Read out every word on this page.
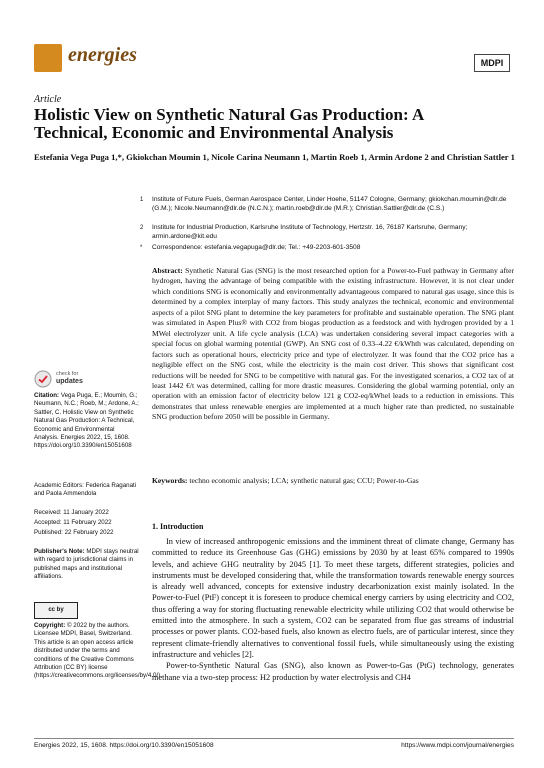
energies	MDPI
Article
Holistic View on Synthetic Natural Gas Production: A Technical, Economic and Environmental Analysis
Estefania Vega Puga 1,*, Gkiokchan Moumin 1, Nicole Carina Neumann 1, Martin Roeb 1, Armin Ardone 2 and Christian Sattler 1
1 Institute of Future Fuels, German Aerospace Center, Linder Hoehe, 51147 Cologne, Germany; gkiokchan.moumin@dlr.de (G.M.); Nicole.Neumann@dlr.de (N.C.N.); martin.roeb@dlr.de (M.R.); Christian.Sattler@dlr.de (C.S.)
2 Institute for Industrial Production, Karlsruhe Institute of Technology, Hertzstr. 16, 76187 Karlsruhe, Germany; armin.ardone@kit.edu
* Correspondence: estefania.vegapuga@dlr.de; Tel.: +49-2203-601-3508
Abstract: Synthetic Natural Gas (SNG) is the most researched option for a Power-to-Fuel pathway in Germany after hydrogen, having the advantage of being compatible with the existing infrastructure. However, it is not clear under which conditions SNG is economically and environmentally advantageous compared to natural gas usage, since this is determined by a complex interplay of many factors. This study analyzes the technical, economic and environmental aspects of a pilot SNG plant to determine the key parameters for profitable and sustainable operation. The SNG plant was simulated in Aspen Plus® with CO2 from biogas production as a feedstock and with hydrogen provided by a 1 MWel electrolyzer unit. A life cycle analysis (LCA) was undertaken considering several impact categories with a special focus on global warming potential (GWP). An SNG cost of 0.33–4.22 €/kWhth was calculated, depending on factors such as operational hours, electricity price and type of electrolyzer. It was found that the CO2 price has a negligible effect on the SNG cost, while the electricity is the main cost driver. This shows that significant cost reductions will be needed for SNG to be competitive with natural gas. For the investigated scenarios, a CO2 tax of at least 1442 €/t was determined, calling for more drastic measures. Considering the global warming potential, only an operation with an emission factor of electricity below 121 g CO2-eq/kWhel leads to a reduction in emissions. This demonstrates that unless renewable energies are implemented at a much higher rate than predicted, no sustainable SNG production before 2050 will be possible in Germany.
Keywords: techno economic analysis; LCA; synthetic natural gas; CCU; Power-to-Gas
check for
updates
Citation: Vega Puga, E.; Moumin, G.; Neumann, N.C.; Roeb, M.; Ardone, A.; Sattler, C. Holistic View on Synthetic Natural Gas Production: A Technical, Economic and Environmental Analysis. Energies 2022, 15, 1608. https://doi.org/10.3390/en15051608
Academic Editors: Federica Raganati and Paola Ammendola
Received: 11 January 2022
Accepted: 11 February 2022
Published: 22 February 2022
Publisher's Note: MDPI stays neutral with regard to jurisdictional claims in published maps and institutional affiliations.
cc by
Copyright: © 2022 by the authors. Licensee MDPI, Basel, Switzerland. This article is an open access article distributed under the terms and conditions of the Creative Commons Attribution (CC BY) license (https://creativecommons.org/licenses/by/4.0/).
1. Introduction

In view of increased anthropogenic emissions and the imminent threat of climate change, Germany has committed to reduce its Greenhouse Gas (GHG) emissions by 2030 by at least 65% compared to 1990s levels, and achieve GHG neutrality by 2045 [1]. To meet these targets, different strategies, policies and instruments must be developed considering that, while the transformation towards renewable energy sources is already well advanced, concepts for extensive industry decarbonization exist mainly isolated. In the Power-to-Fuel (PtF) concept it is foreseen to produce chemical energy carriers by using electricity and CO2, thus offering a way for storing fluctuating renewable electricity while utilizing CO2 that would otherwise be emitted into the atmosphere. In such a system, CO2 can be separated from flue gas streams of industrial processes or power plants. CO2-based fuels, also known as electro fuels, are of particular interest, since they represent climate-friendly alternatives to conventional fossil fuels, while simultaneously using the existing infrastructure and vehicles [2].

Power-to-Synthetic Natural Gas (SNG), also known as Power-to-Gas (PtG) technology, generates methane via a two-step process: H2 production by water electrolysis and CH4

Energies 2022, 15, 1608. https://doi.org/10.3390/en15051608	https://www.mdpi.com/journal/energies
